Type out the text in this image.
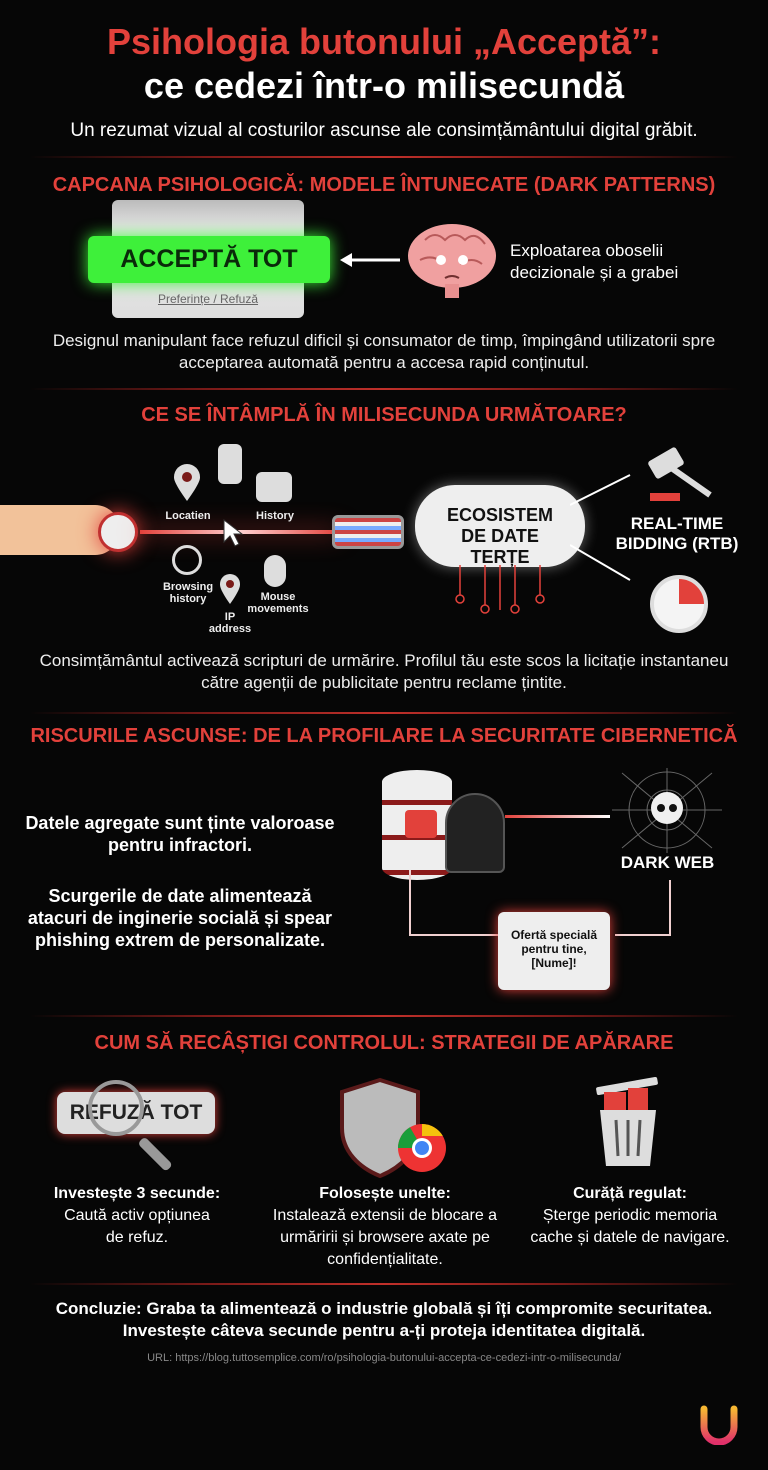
Psihologia butonului „Acceptă”:
ce cedezi într-o milisecundă
Un rezumat vizual al costurilor ascunse ale consimțământului digital grăbit.
CAPCANA PSIHOLOGICĂ: MODELE ÎNTUNECATE (DARK PATTERNS)
ACCEPTĂ TOT
Preferințe / Refuză
Exploatarea oboselii decizionale și a grabei
Designul manipulant face refuzul dificil și consumator de timp, împingând utilizatorii spre acceptarea automată pentru a accesa rapid conținutul.
CE SE ÎNTÂMPLĂ ÎN MILISECUNDA URMĂTOARE?
Locatien	History
Browsing history
IP address
Mouse movements
ECOSISTEM DE DATE TERȚE
REAL-TIME BIDDING (RTB)
Consimțământul activează scripturi de urmărire. Profilul tău este scos la licitație instantaneu către agenții de publicitate pentru reclame țintite.
RISCURILE ASCUNSE: DE LA PROFILARE LA SECURITATE CIBERNETICĂ
Datele agregate sunt ținte valoroase pentru infractori.
Scurgerile de date alimentează atacuri de inginerie socială și spear phishing extrem de personalizate.
DARK WEB
Ofertă specială pentru tine, [Nume]!
CUM SĂ RECÂȘTIGI CONTROLUL: STRATEGII DE APĂRARE
REFUZĂ TOT
Investește 3 secunde:
Caută activ opțiunea de refuz.
Folosește unelte:
Instalează extensii de blocare a urmăririi și browsere axate pe confidențialitate.
Curăță regulat:
Șterge periodic memoria cache și datele de navigare.
Concluzie: Graba ta alimentează o industrie globală și îți compromite securitatea. Investește câteva secunde pentru a-ți proteja identitatea digitală.
URL: https://blog.tuttosemplice.com/ro/psihologia-butonului-accepta-ce-cedezi-intr-o-milisecunda/
